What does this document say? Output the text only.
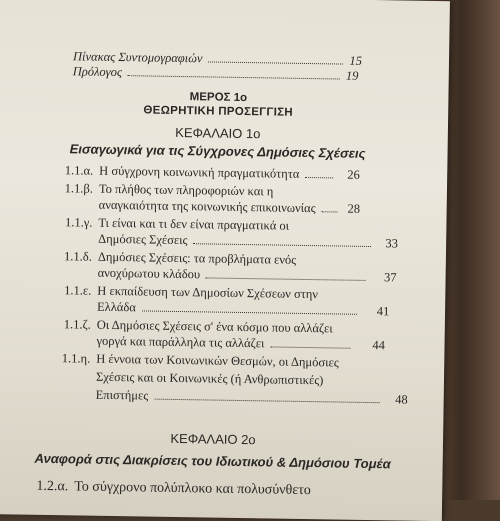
Πίνακας Συντομογραφιών	15
Πρόλογος	19
ΜΕΡΟΣ 1ο
ΘΕΩΡΗΤΙΚΗ ΠΡΟΣΕΓΓΙΣΗ
ΚΕΦΑΛΑΙΟ 1ο
Εισαγωγικά για τις Σύγχρονες Δημόσιες Σχέσεις
1.1.α. Η σύγχρονη κοινωνική πραγματικότητα	26
1.1.β. Το πλήθος των πληροφοριών και η
αναγκαιότητα της κοινωνικής επικοινωνίας	28
1.1.γ. Τι είναι και τι δεν είναι πραγματικά οι
Δημόσιες Σχέσεις	33
1.1.δ. Δημόσιες Σχέσεις: τα προβλήματα ενός
ανοχύρωτου κλάδου	37
1.1.ε. Η εκπαίδευση των Δημοσίων Σχέσεων στην
Ελλάδα	41
1.1.ζ. Οι Δημόσιες Σχέσεις σ' ένα κόσμο που αλλάζει
γοργά και παράλληλα τις αλλάζει	44
1.1.η. Η έννοια των Κοινωνικών Θεσμών, οι Δημόσιες
Σχέσεις και οι Κοινωνικές (ή Ανθρωπιστικές)
Επιστήμες	48
ΚΕΦΑΛΑΙΟ 2ο
Αναφορά στις Διακρίσεις του Ιδιωτικού & Δημόσιου Τομέα
1.2.α. Το σύγχρονο πολύπλοκο και πολυσύνθετο
